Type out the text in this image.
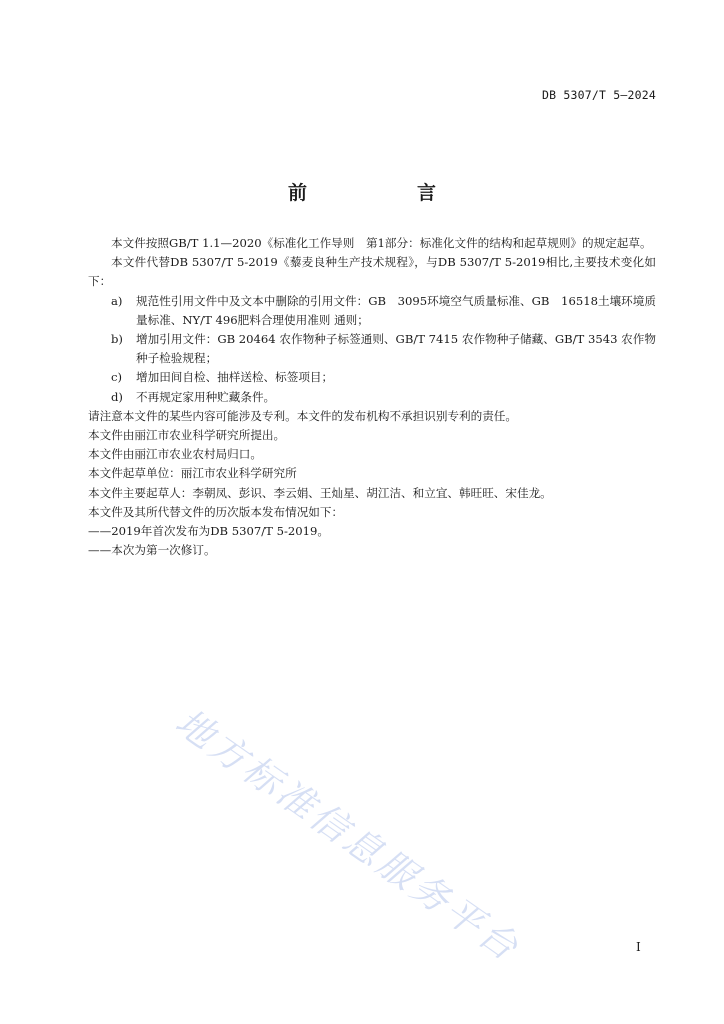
DB 5307/T 5—2024
前　　言
本文件按照GB/T 1.1—2020《标准化工作导则　第1部分：标准化文件的结构和起草规则》的规定起草。
本文件代替DB 5307/T 5-2019《藜麦良种生产技术规程》，与DB 5307/T 5-2019相比,主要技术变化如下：
a)	规范性引用文件中及文本中删除的引用文件：GB　3095环境空气质量标准、GB　16518土壤环境质量标准、NY/T 496肥料合理使用准则 通则；
b)	增加引用文件：GB 20464 农作物种子标签通则、GB/T 7415 农作物种子储藏、GB/T 3543 农作物种子检验规程；
c)	增加田间自检、抽样送检、标签项目；
d)	不再规定家用种贮藏条件。
请注意本文件的某些内容可能涉及专利。本文件的发布机构不承担识别专利的责任。
本文件由丽江市农业科学研究所提出。
本文件由丽江市农业农村局归口。
本文件起草单位：丽江市农业科学研究所
本文件主要起草人：李朝凤、彭识、李云娟、王灿星、胡江洁、和立宜、韩旺旺、宋佳龙。
本文件及其所代替文件的历次版本发布情况如下：
——2019年首次发布为DB 5307/T 5-2019。
——本次为第一次修订。
地方标准信息服务平台	I
